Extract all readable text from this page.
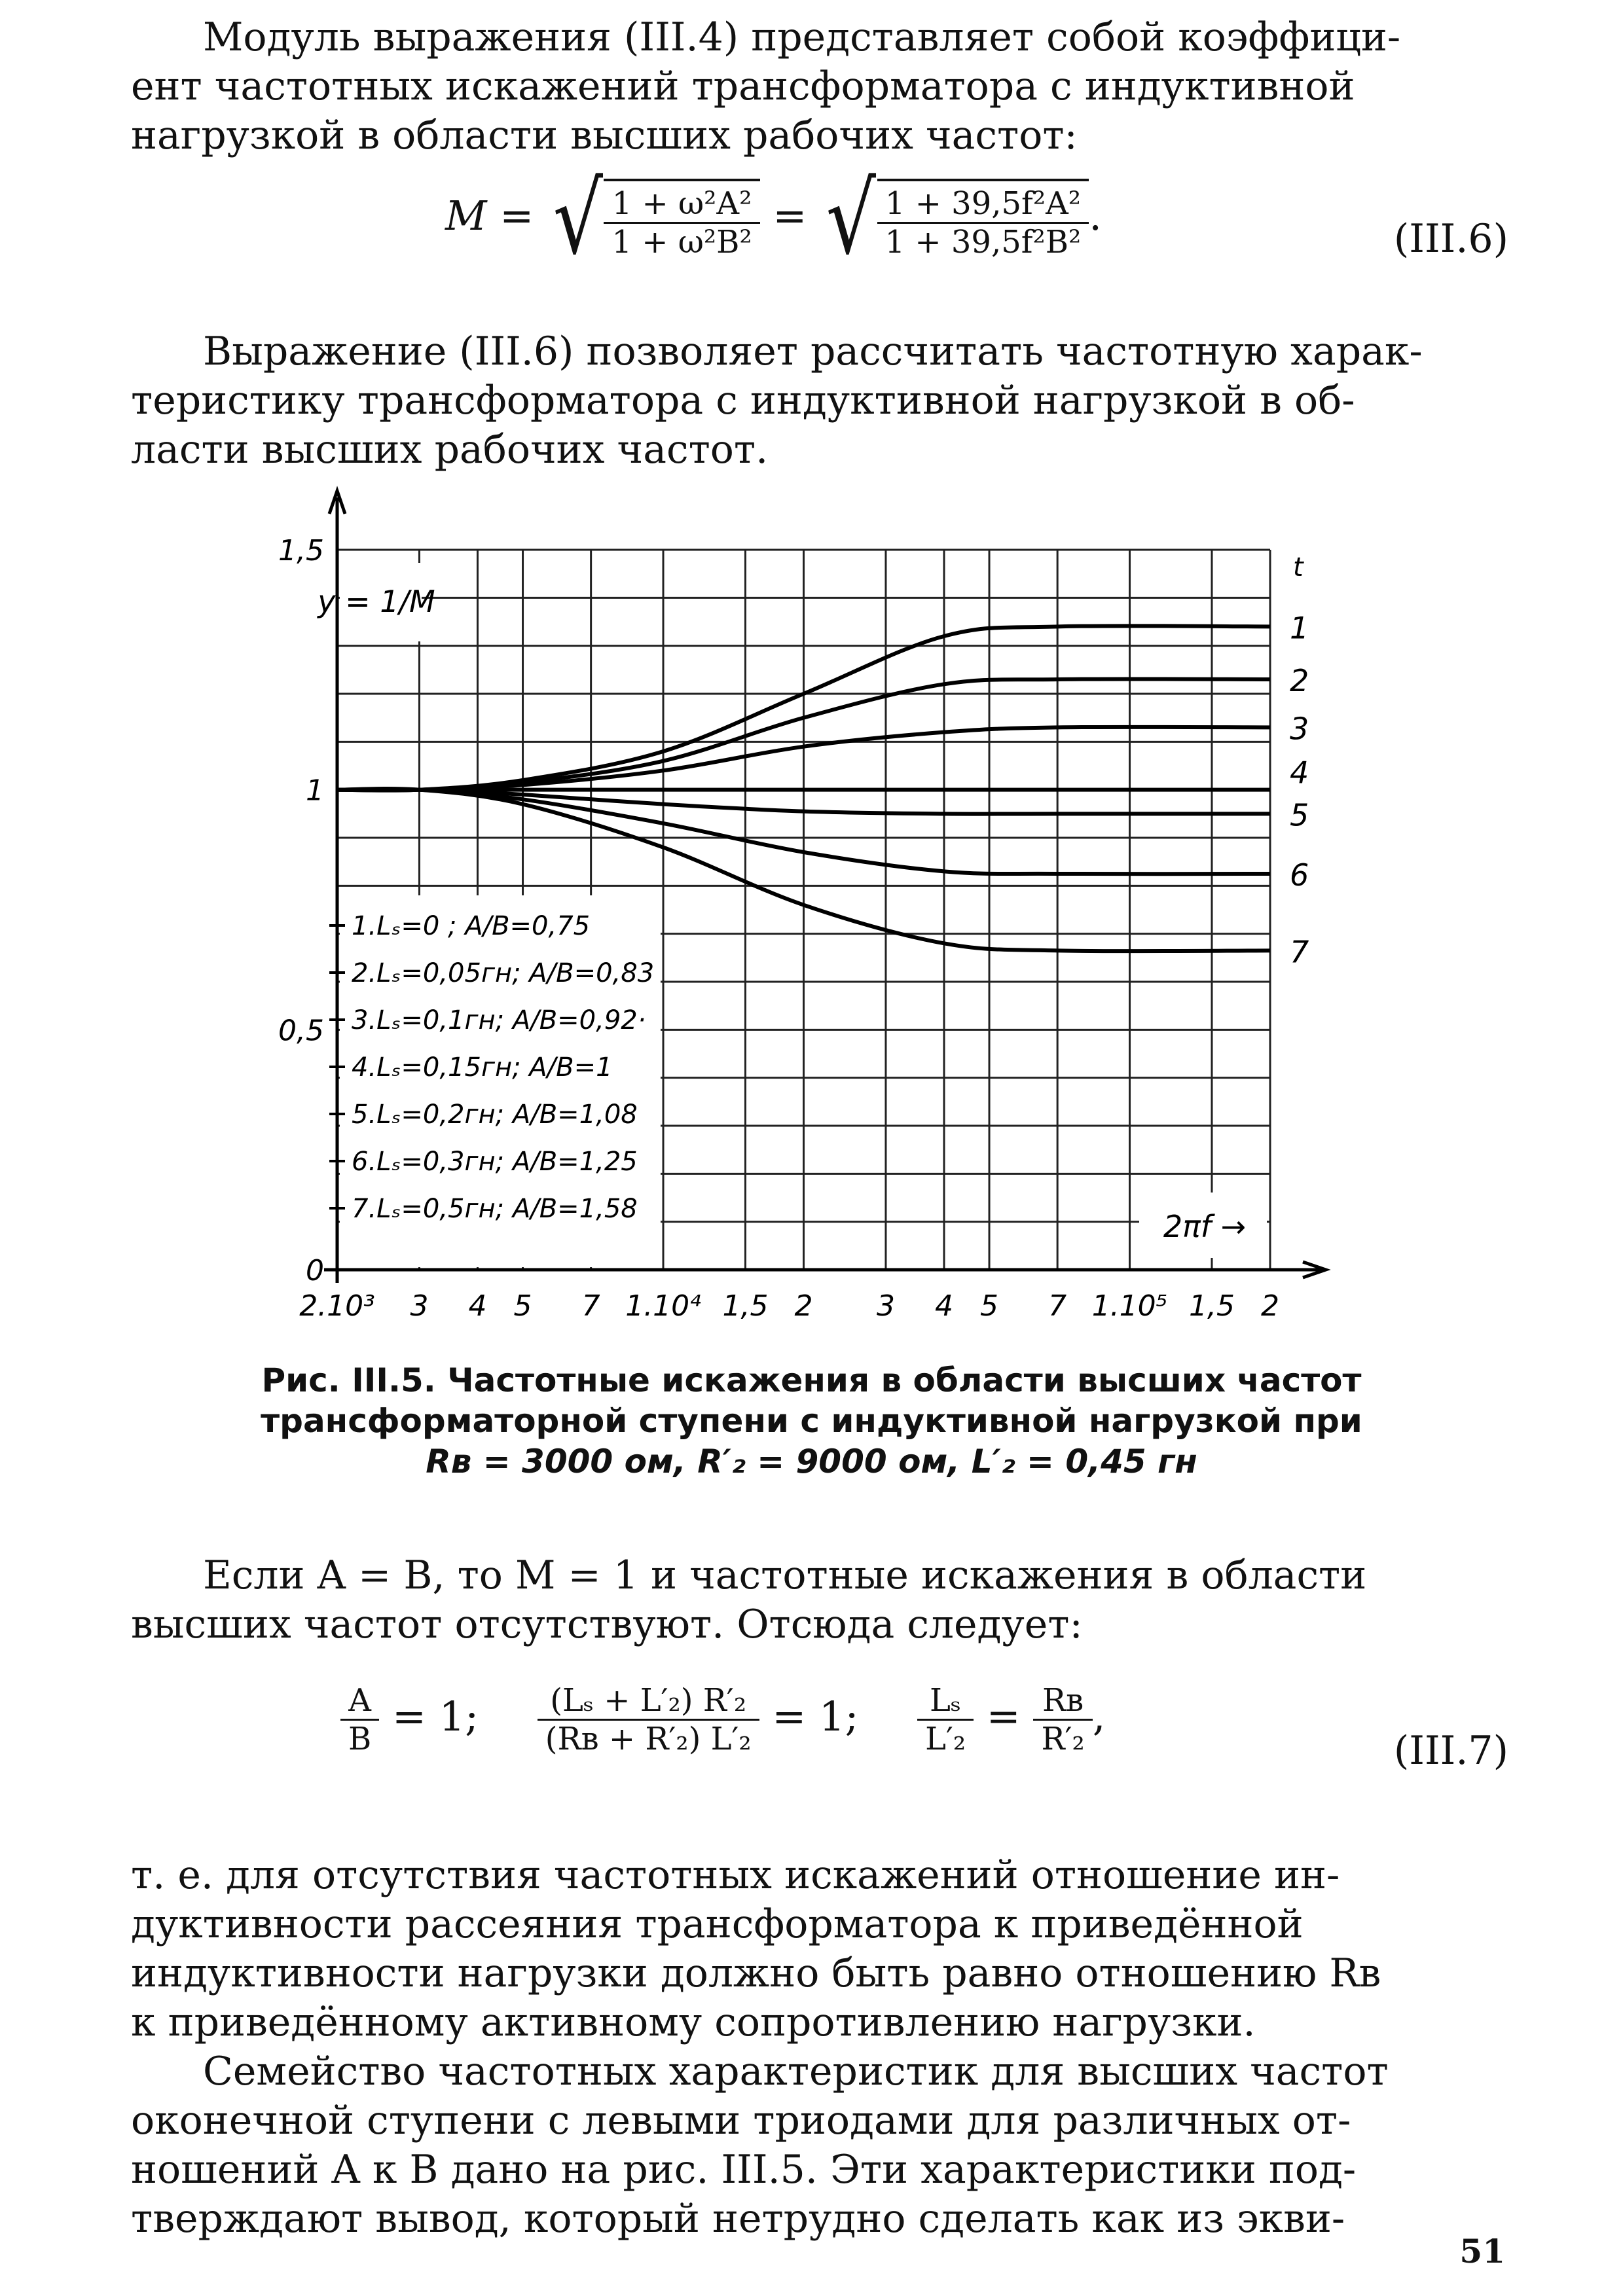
Модуль выражения (III.4) представляет собой коэффици-
ент частотных искажений трансформатора с индуктивной
нагрузкой в области высших рабочих частот:
M = √ $\frac{\text{1 + ω²A²}}{\text{1 + ω²B²}}$ = √ $\frac{\text{1 + 39,5f²A²}}{\text{1 + 39,5f²B²}}$ .	(III.6)
Выражение (III.6) позволяет рассчитать частотную харак-
теристику трансформатора с индуктивной нагрузкой в об-
ласти высших рабочих частот.
0
0,5
1
1,5
2.10³ 3 4 5 7 1.10⁴ 1,5 2 3 4 5 7 1.10⁵ 1,5 2
y = 1/M
2πf →
t
1
2
3
4
5
6
7
1.Lₛ=0 ; A/B=0,75
2.Lₛ=0,05гн; A/B=0,83
3.Lₛ=0,1гн; A/B=0,92·
4.Lₛ=0,15гн; A/B=1
5.Lₛ=0,2гн; A/B=1,08
6.Lₛ=0,3гн; A/B=1,25
7.Lₛ=0,5гн; A/B=1,58
Рис. III.5. Частотные искажения в области высших частот
трансформаторной ступени с индуктивной нагрузкой при
Rв = 3000 ом, R′₂ = 9000 ом, L′₂ = 0,45 гн
Если A = B, то M = 1 и частотные искажения в области
высших частот отсутствуют. Отсюда следует:
$\frac{A}{B} = 1$; $\frac{\text{(Lₛ + L′₂) R′₂}}{\text{(Rв + R′₂) L′₂}} = 1$; $\frac{\text{Lₛ}}{\text{L′₂}} = \frac{Rв}{\text{R′₂}}$ ,
(III.7)
т. е. для отсутствия частотных искажений отношение ин-
дуктивности рассеяния трансформатора к приведённой
индуктивности нагрузки должно быть равно отношению Rв
к приведённому активному сопротивлению нагрузки.
Семейство частотных характеристик для высших частот
оконечной ступени с левыми триодами для различных от-
ношений A к B дано на рис. III.5. Эти характеристики под-
тверждают вывод, который нетрудно сделать как из экви-
51
